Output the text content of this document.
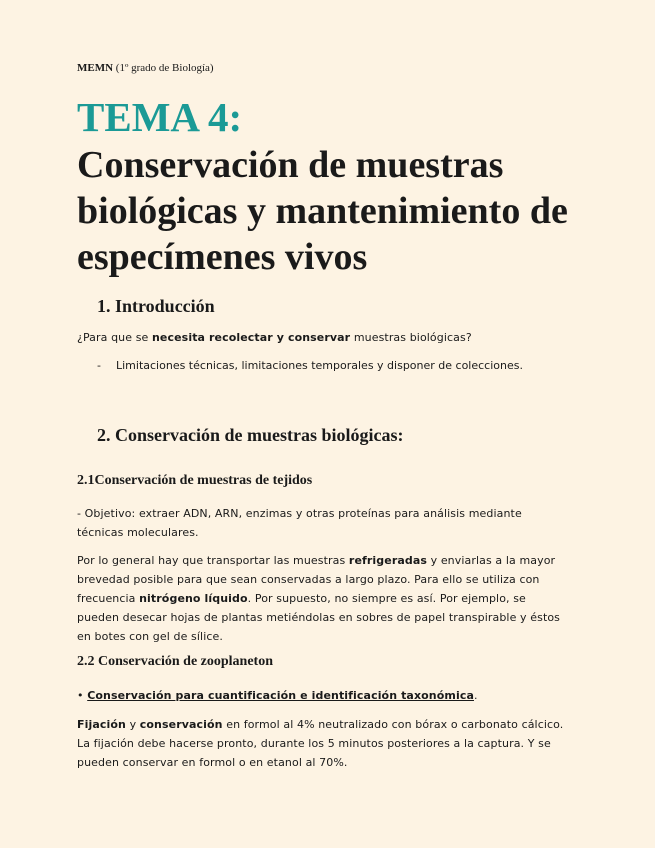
MEMN (1º grado de Biología)
TEMA 4:
Conservación de muestras biológicas y mantenimiento de especímenes vivos
1. Introducción
¿Para que se necesita recolectar y conservar muestras biológicas?
- Limitaciones técnicas, limitaciones temporales y disponer de colecciones.
2. Conservación de muestras biológicas:
2.1Conservación de muestras de tejidos
- Objetivo: extraer ADN, ARN, enzimas y otras proteínas para análisis mediante técnicas moleculares.
Por lo general hay que transportar las muestras refrigeradas y enviarlas a la mayor brevedad posible para que sean conservadas a largo plazo. Para ello se utiliza con frecuencia nitrógeno líquido. Por supuesto, no siempre es así. Por ejemplo, se pueden desecar hojas de plantas metiéndolas en sobres de papel transpirable y éstos en botes con gel de sílice.
2.2 Conservación de zooplaneton
• Conservación para cuantificación e identificación taxonómica.
Fijación y conservación en formol al 4% neutralizado con bórax o carbonato cálcico. La fijación debe hacerse pronto, durante los 5 minutos posteriores a la captura. Y se pueden conservar en formol o en etanol al 70%.
